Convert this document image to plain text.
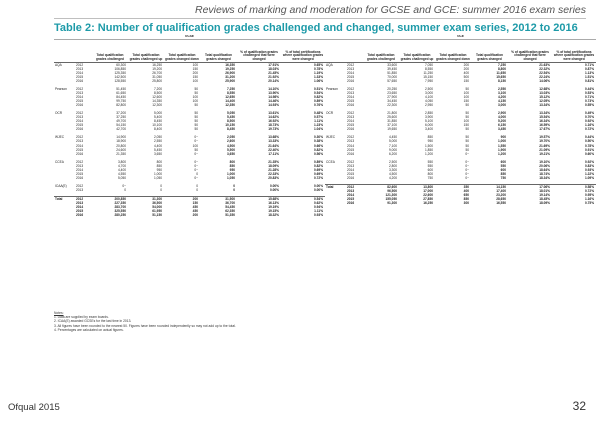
Reviews of marking and moderation for GCSE and GCE: summer 2016 exam series
Table 2: Number of qualification grades challenged and changed, summer exam series, 2012 to 2016
GCSE							
		Total qualification grades challenged	Total qualification grades challenged up	Total qualification grades changed down	Total qualification grades changed	% of qualification grades challenged that were changed	% of total certifications where qualification grades were changed
AQA	2012	60,300	16,250	100	16,350	17.91%	0.65%
	2013	106,850	19,200	150	19,250	18.03%	0.78%
	2014	125,350	26,700	200	26,900	21.45%	1.19%
	2015	142,500	31,050	150	31,200	21.92%	1.33%
	2016	128,550	25,800	100	25,900	20.14%	1.06%

Pearson	2012	51,450	7,200	50	7,250	14.10%	0.51%
	2013	61,650	8,500	50	8,550	13.90%	0.54%
	2014	84,450	12,600	100	12,650	14.98%	0.82%
	2015	99,750	14,350	100	14,400	14.46%	0.89%
	2016	82,800	12,300	50	12,350	14.93%	0.76%

OCR	2012	37,200	5,000	50	5,050	13.61%	0.48%
	2013	37,250	5,400	50	5,450	14.62%	0.57%
	2014	49,700	8,450	50	8,500	16.92%	1.11%
	2015	54,150	10,100	50	10,150	18.73%	1.23%
	2016	42,700	8,400	50	8,450	19.73%	1.04%

WJEC	2012	14,900	2,050	0~	2,050	13.68%	0.30%
	2013	18,900	2,550	0~	2,600	13.33%	0.38%
	2014	20,800	4,400	100	4,500	21.64%	0.66%
	2015	24,600	5,450	50	5,500	22.40%	0.82%
	2016	21,350	3,650	0~	3,650	17.11%	0.56%

CCEA	2012	3,800	800	0~	800	21.35%	0.89%
	2013	4,700	850	0~	850	18.09%	0.82%
	2014	4,400	950	0~	950	21.28%	0.69%
	2015	4,550	1,000	0	1,000	22.33%	0.69%
	2016	5,050	1,050	0~	1,050	20.83%	0.72%

ICAA(E)	2012	0~	0	0	0	0.00%	0.00%
	2013	0	0	0	0	0.00%	0.00%

Total	2012	200,850	31,300	200	31,500	15.68%	0.54%
	2013	227,350	36,500	150	36,700	16.13%	0.62%
	2014	283,700	54,000	450	54,450	19.19%	0.94%
	2015	325,550	61,950	450	62,350	19.15%	1.11%
	2016	280,250	51,150	200	51,350	18.32%	0.93%
GCE							
		Total qualification grades challenged	Total qualification grades challenged up	Total qualification grades changed down	Total qualification grades changed	% of qualification grades challenged that were changed	% of total certifications where qualification grades were changed
AQA	2012	33,600	7,050	200	7,250	21.63%	0.71%
	2013	39,450	8,550	200	8,800	22.32%	0.87%
	2014	51,850	11,250	400	11,650	22.54%	1.13%
	2015	70,000	15,150	500	15,650	22.24%	1.51%
	2016	57,650	7,950	150	8,150	14.06%	0.81%

Pearson	2012	20,250	2,500	50	2,550	12.68%	0.44%
	2013	23,650	3,000	100	3,100	13.03%	0.53%
	2014	27,900	4,100	100	4,200	15.12%	0.71%
	2015	34,450	4,050	150	4,150	12.05%	0.73%
	2016	22,300	2,950	50	3,000	13.34%	0.55%

OCR	2012	21,800	2,850	50	2,900	13.34%	0.49%
	2013	25,600	3,900	50	4,000	15.54%	0.70%
	2014	31,850	5,100	100	5,200	16.34%	0.92%
	2015	37,100	6,000	150	6,150	16.59%	1.16%
	2016	19,650	3,400	50	3,450	17.67%	0.72%

WJEC	2012	4,450	850	50	900	19.57%	0.44%
	2013	5,000	950	50	1,000	19.70%	0.50%
	2014	7,100	1,500	50	1,550	21.69%	0.78%
	2015	9,000	1,850	50	1,900	21.09%	0.91%
	2016	6,200	1,200	0~	1,200	19.21%	0.60%

CCEA	2012	2,500	550	0~	600	19.10%	0.92%
	2013	2,800	550	0~	550	20.06%	0.83%
	2014	3,300	600	0~	600	18.64%	0.93%
	2015	4,500	800	0~	850	18.74%	1.22%
	2016	4,200	750	0~	750	18.34%	1.09%

Total	2012	82,600	13,800	350	14,150	17.06%	0.58%
	2013	96,500	17,000	400	17,400	18.01%	0.72%
	2014	121,300	22,600	650	23,200	19.14%	0.95%
	2015	155,050	27,850	850	28,650	18.45%	1.16%
	2016	91,300	16,250	300	16,550	18.09%	0.75%
Notes:
1. Data are supplied by exam boards.
2. ICAA(E) awarded GCSEs for the last time in 2013.
3. All figures have been rounded to the nearest 50. Figures have been rounded independently so may not add up to the total.
4. Percentages are calculated on actual figures.
Ofqual 2015	32
